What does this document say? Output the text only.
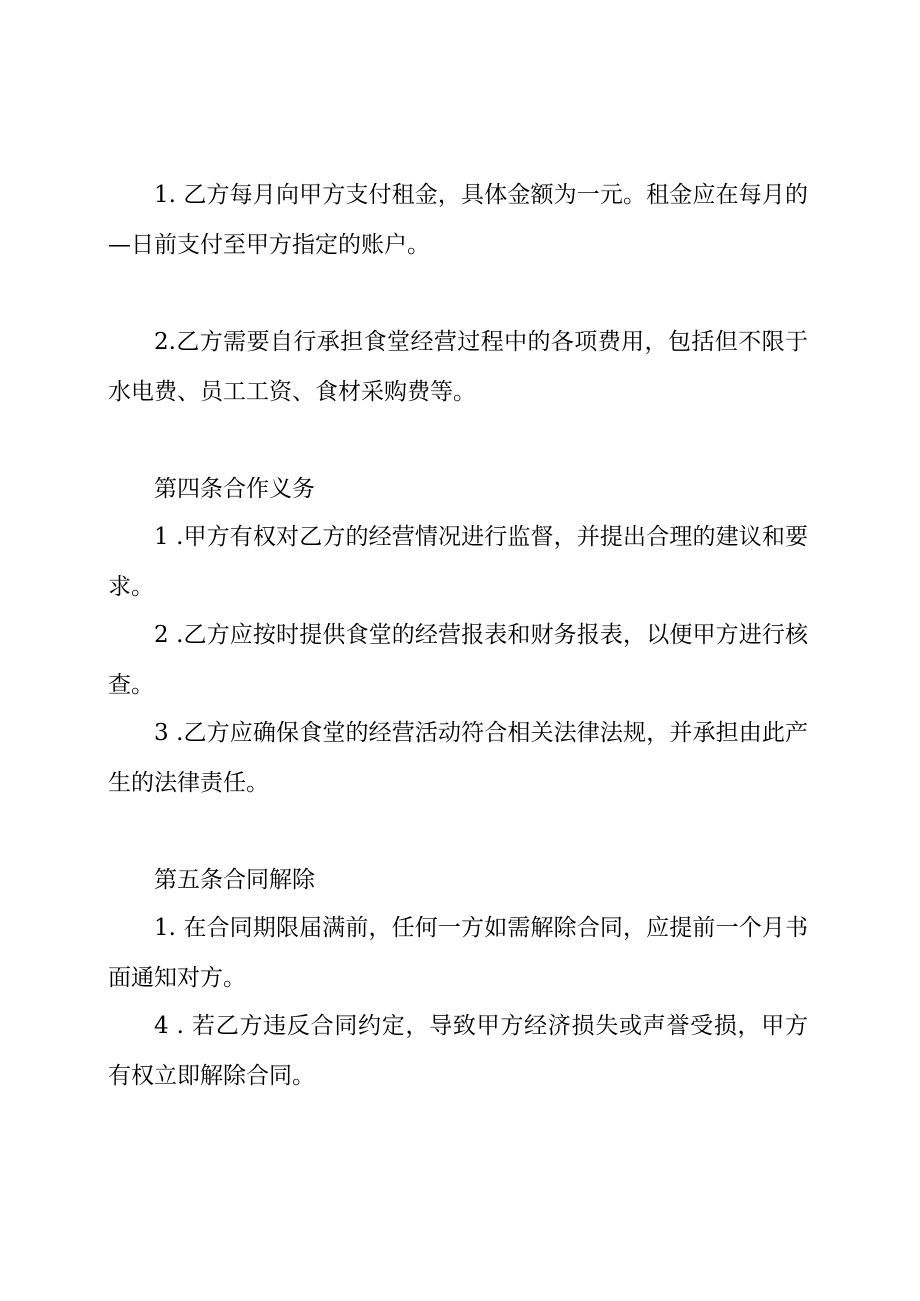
1. 乙方每月向甲方支付租金，具体金额为一元。租金应在每月的—日前支付至甲方指定的账户。

2.乙方需要自行承担食堂经营过程中的各项费用，包括但不限于水电费、员工工资、食材采购费等。

第四条合作义务

1 .甲方有权对乙方的经营情况进行监督，并提出合理的建议和要求。

2 .乙方应按时提供食堂的经营报表和财务报表，以便甲方进行核查。

3 .乙方应确保食堂的经营活动符合相关法律法规，并承担由此产生的法律责任。

第五条合同解除

1. 在合同期限届满前，任何一方如需解除合同，应提前一个月书面通知对方。

4 . 若乙方违反合同约定，导致甲方经济损失或声誉受损，甲方有权立即解除合同。
